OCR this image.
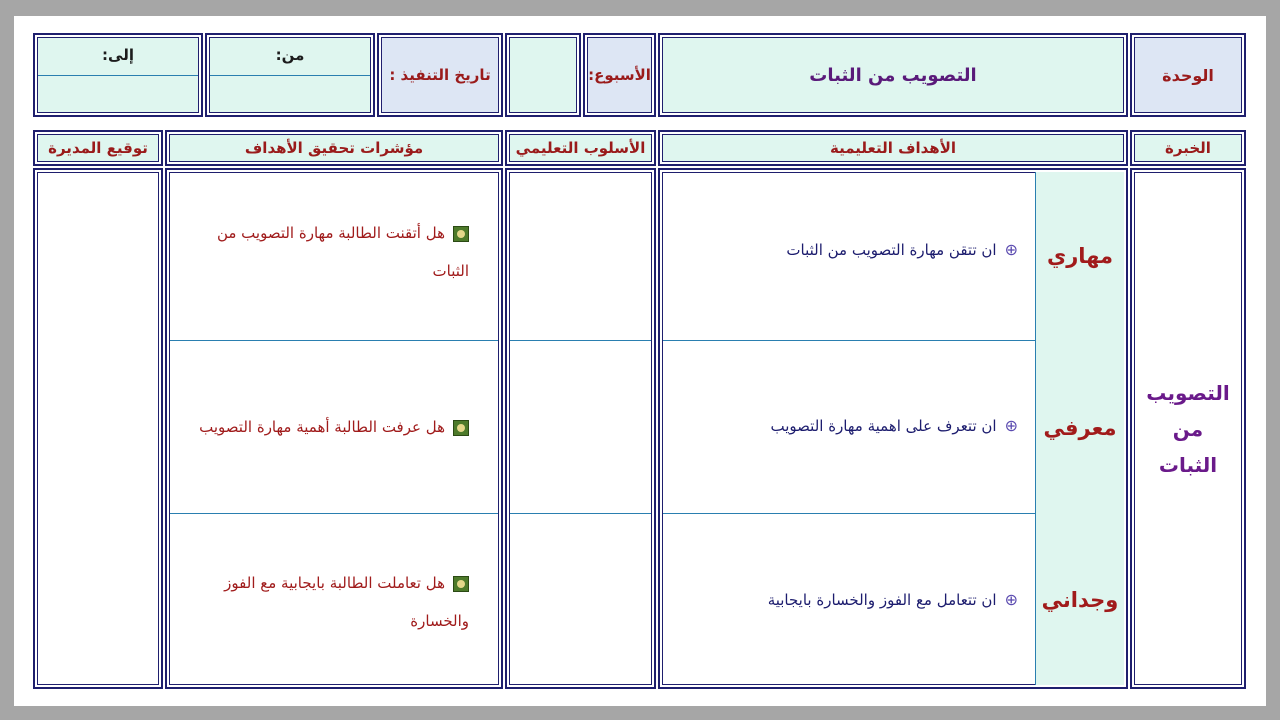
الوحدة
التصويب من الثبات
الأسبوع:
تاريخ التنفيذ :
من:
إلى:
الخبرة
الأهداف التعليمية
الأسلوب التعليمي
مؤشرات تحقيق الأهداف
توقيع المديرة
التصويب من الثبات
مهاري
معرفي
وجداني
⊕
ان تتقن مهارة التصويب من الثبات
⊕
ان تتعرف على اهمية مهارة التصويب
⊕
ان تتعامل مع الفوز والخسارة بايجابية
هل أتقنت الطالبة مهارة التصويب من الثبات
هل عرفت الطالبة أهمية مهارة التصويب
هل تعاملت الطالبة بايجابية مع الفوز والخسارة
